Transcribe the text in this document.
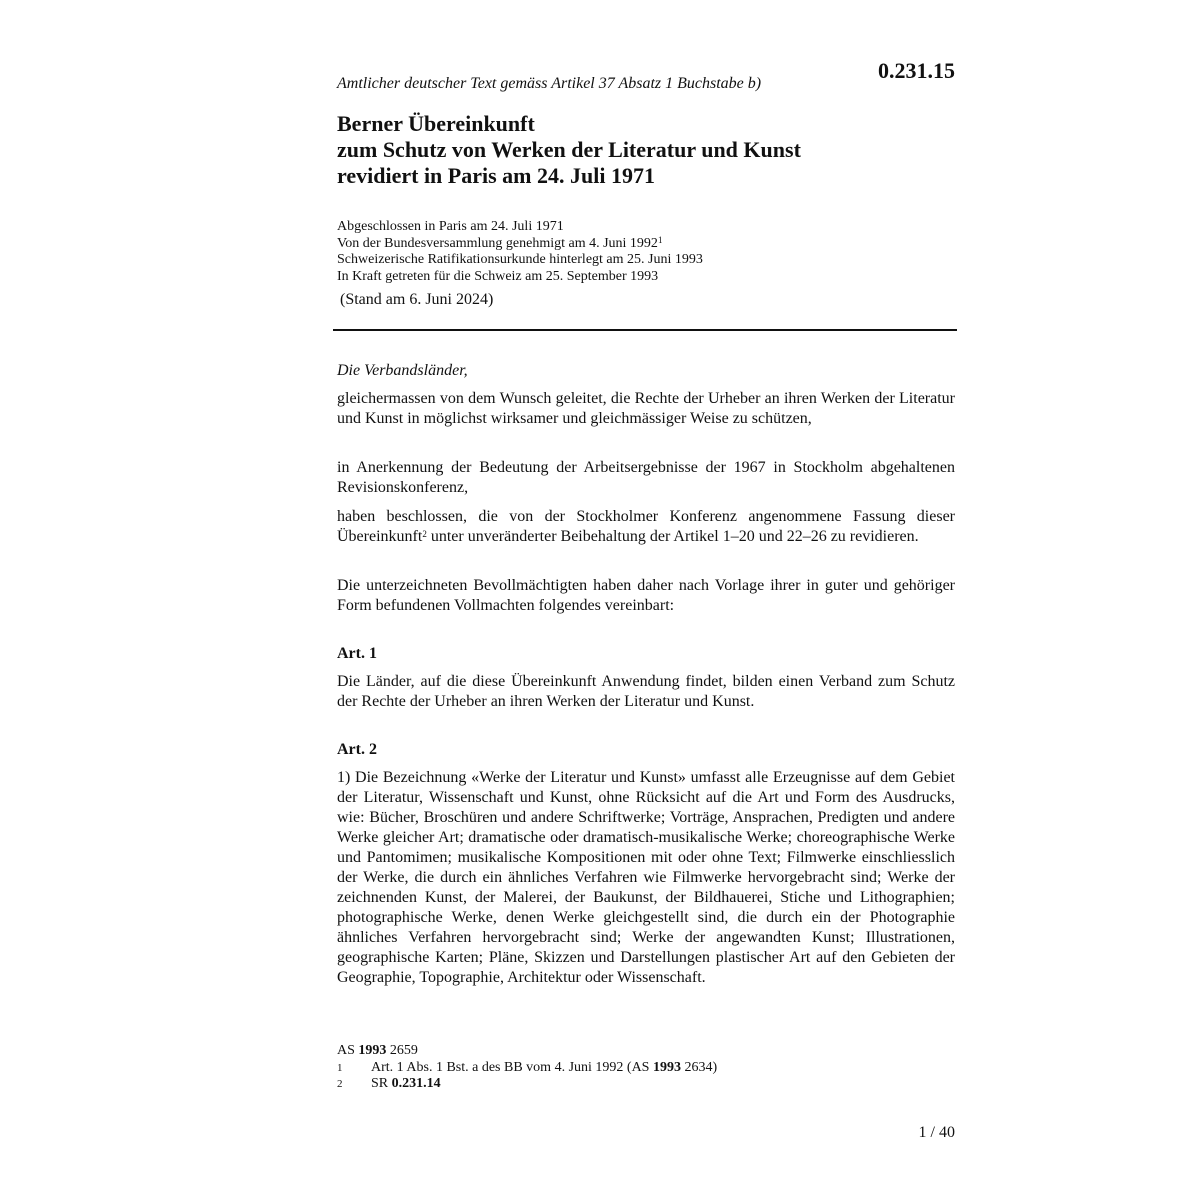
Amtlicher deutscher Text gemäss Artikel 37 Absatz 1 Buchstabe b)
0.231.15
Berner Übereinkunft
zum Schutz von Werken der Literatur und Kunst
revidiert in Paris am 24. Juli 1971
Abgeschlossen in Paris am 24. Juli 1971
Von der Bundesversammlung genehmigt am 4. Juni 1992$^1$
Schweizerische Ratifikationsurkunde hinterlegt am 25. Juni 1993
In Kraft getreten für die Schweiz am 25. September 1993
(Stand am 6. Juni 2024)
Die Verbandsländer,

gleichermassen von dem Wunsch geleitet, die Rechte der Urheber an ihren Werken der Literatur und Kunst in möglichst wirksamer und gleichmässiger Weise zu schützen,

in Anerkennung der Bedeutung der Arbeitsergebnisse der 1967 in Stockholm abgehaltenen Revisionskonferenz,

haben beschlossen, die von der Stockholmer Konferenz angenommene Fassung dieser Übereinkunft$^2$ unter unveränderter Beibehaltung der Artikel 1–20 und 22–26 zu revidieren.

Die unterzeichneten Bevollmächtigten haben daher nach Vorlage ihrer in guter und gehöriger Form befundenen Vollmachten folgendes vereinbart:

Art. 1

Die Länder, auf die diese Übereinkunft Anwendung findet, bilden einen Verband zum Schutz der Rechte der Urheber an ihren Werken der Literatur und Kunst.

Art. 2

1) Die Bezeichnung «Werke der Literatur und Kunst» umfasst alle Erzeugnisse auf dem Gebiet der Literatur, Wissenschaft und Kunst, ohne Rücksicht auf die Art und Form des Ausdrucks, wie: Bücher, Broschüren und andere Schriftwerke; Vorträge, Ansprachen, Predigten und andere Werke gleicher Art; dramatische oder dramatisch-musikalische Werke; choreographische Werke und Pantomimen; musikalische Kompositionen mit oder ohne Text; Filmwerke einschliesslich der Werke, die durch ein ähnliches Verfahren wie Filmwerke hervorgebracht sind; Werke der zeichnenden Kunst, der Malerei, der Baukunst, der Bildhauerei, Stiche und Lithographien; photographische Werke, denen Werke gleichgestellt sind, die durch ein der Photographie ähnliches Verfahren hervorgebracht sind; Werke der angewandten Kunst; Illustrationen, geographische Karten; Pläne, Skizzen und Darstellungen plastischer Art auf den Gebieten der Geographie, Topographie, Architektur oder Wissenschaft.

AS 1993 2659
1	Art. 1 Abs. 1 Bst. a des BB vom 4. Juni 1992 (AS 1993 2634)
2	SR 0.231.14
1 / 40
